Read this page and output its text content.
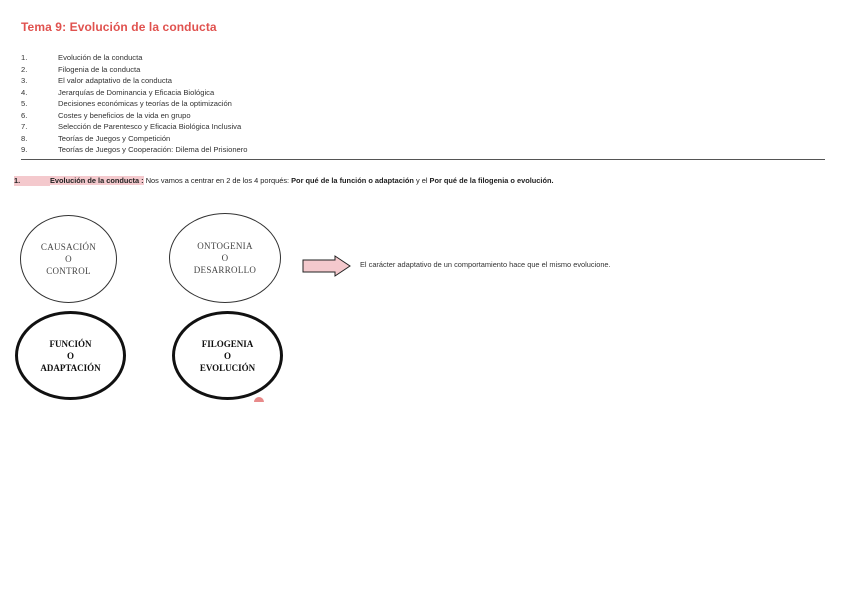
Tema 9: Evolución de la conducta
1.	Evolución de la conducta
2.	Filogenia de la conducta
3.	El valor adaptativo de la conducta
4.	Jerarquías de Dominancia y Eficacia Biológica
5.	Decisiones económicas y teorías de la optimización
6.	Costes y beneficios de la vida en grupo
7.	Selección de Parentesco y Eficacia Biológica Inclusiva
8.	Teorías de Juegos y Competición
9.	Teorías de Juegos y Cooperación: Dilema del Prisionero
1.	Evolución de la conducta : Nos vamos a centrar en 2 de los 4 porqués: Por qué de la función o adaptación y el Por qué de la filogenia o evolución.
CAUSACIÓN
O
CONTROL
ONTOGENIA
O
DESARROLLO
FUNCIÓN
O
ADAPTACIÓN
FILOGENIA
O
EVOLUCIÓN
El carácter adaptativo de un comportamiento hace que el mismo evolucione.
